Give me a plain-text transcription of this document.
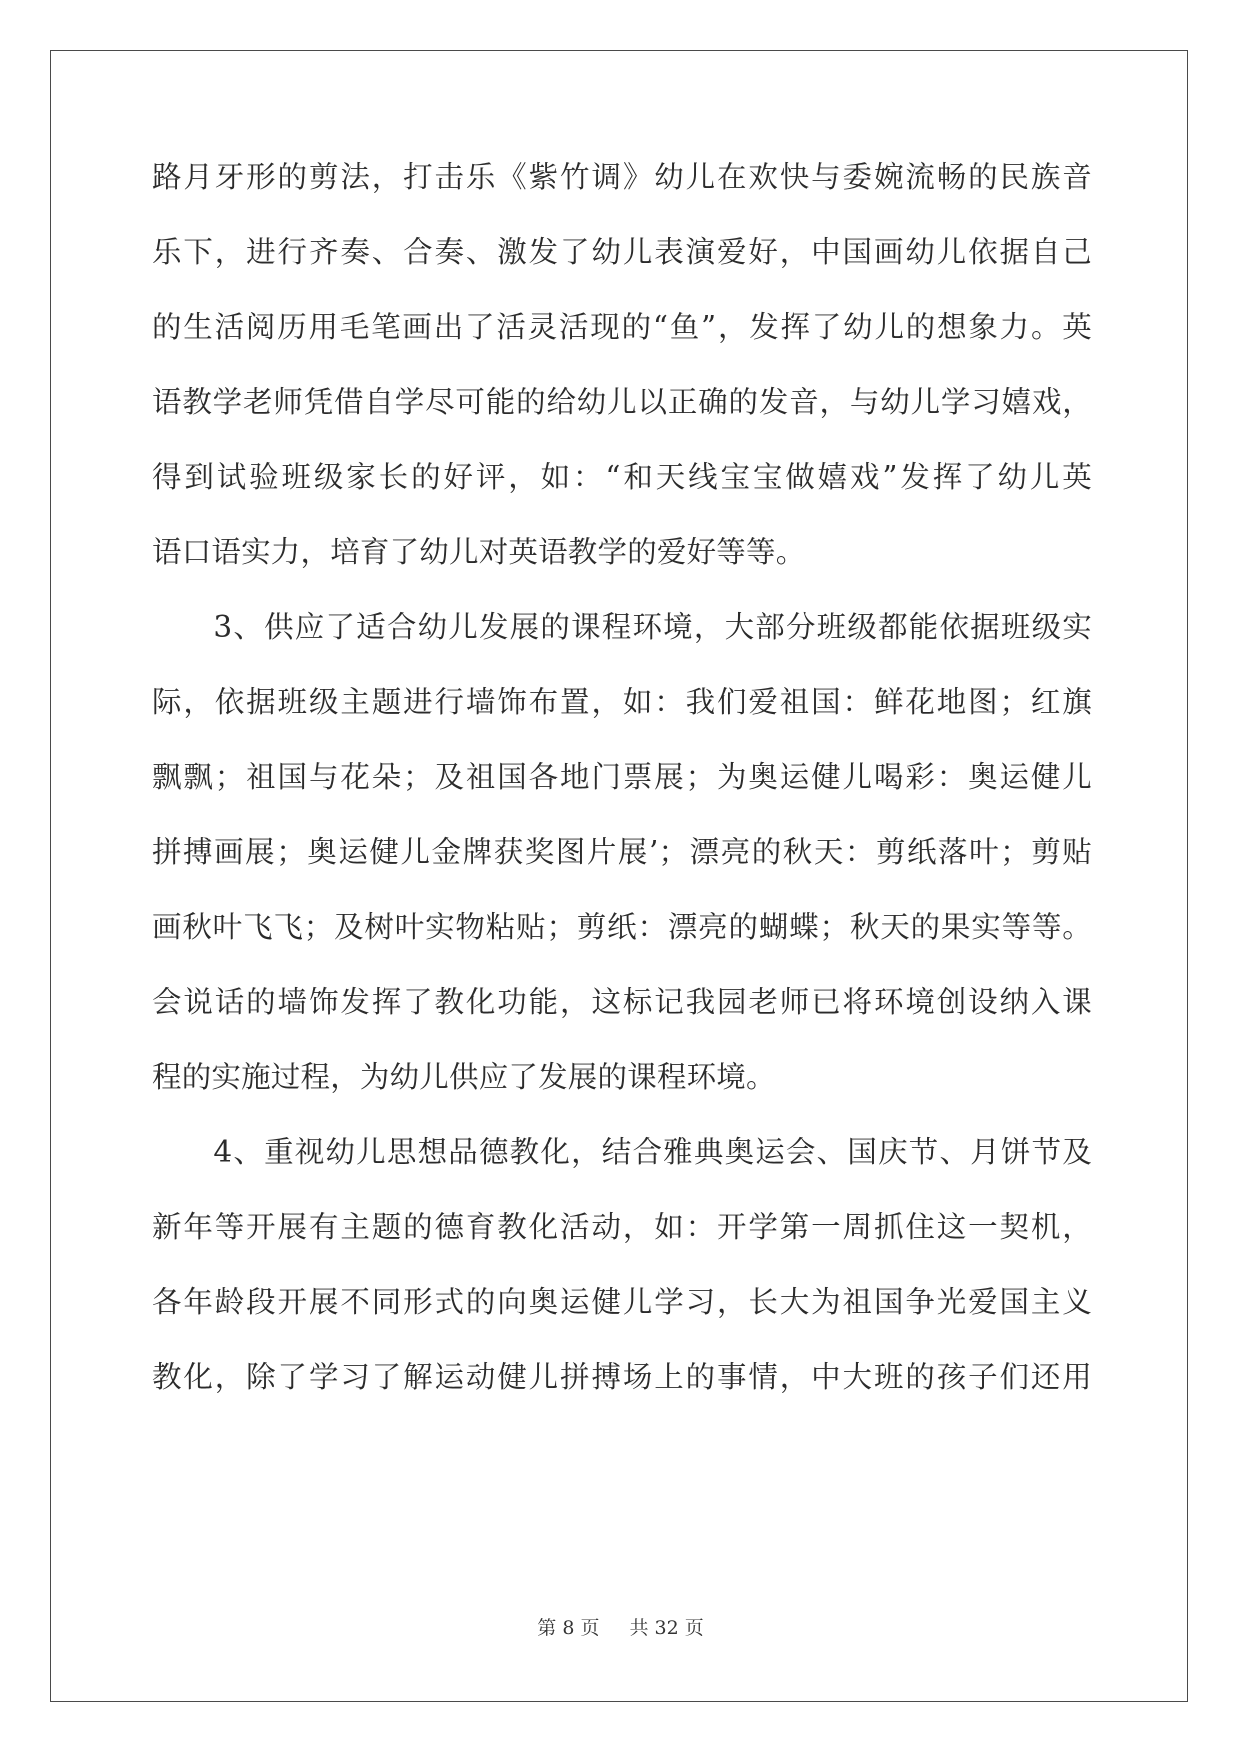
路月牙形的剪法，打击乐《紫竹调》幼儿在欢快与委婉流畅的民族音
乐下，进行齐奏、合奏、激发了幼儿表演爱好，中国画幼儿依据自己
的生活阅历用毛笔画出了活灵活现的“鱼”，发挥了幼儿的想象力。英
语教学老师凭借自学尽可能的给幼儿以正确的发音，与幼儿学习嬉戏，
得到试验班级家长的好评，如：“和天线宝宝做嬉戏”发挥了幼儿英
语口语实力，培育了幼儿对英语教学的爱好等等。
　　3、供应了适合幼儿发展的课程环境，大部分班级都能依据班级实
际，依据班级主题进行墙饰布置，如：我们爱祖国：鲜花地图；红旗
飘飘；祖国与花朵；及祖国各地门票展；为奥运健儿喝彩：奥运健儿
拼搏画展；奥运健儿金牌获奖图片展’；漂亮的秋天：剪纸落叶；剪贴
画秋叶飞飞；及树叶实物粘贴；剪纸：漂亮的蝴蝶；秋天的果实等等。
会说话的墙饰发挥了教化功能，这标记我园老师已将环境创设纳入课
程的实施过程，为幼儿供应了发展的课程环境。
　　4、重视幼儿思想品德教化，结合雅典奥运会、国庆节、月饼节及
新年等开展有主题的德育教化活动，如：开学第一周抓住这一契机，
各年龄段开展不同形式的向奥运健儿学习，长大为祖国争光爱国主义
教化，除了学习了解运动健儿拼搏场上的事情，中大班的孩子们还用
第 8 页 共 32 页
